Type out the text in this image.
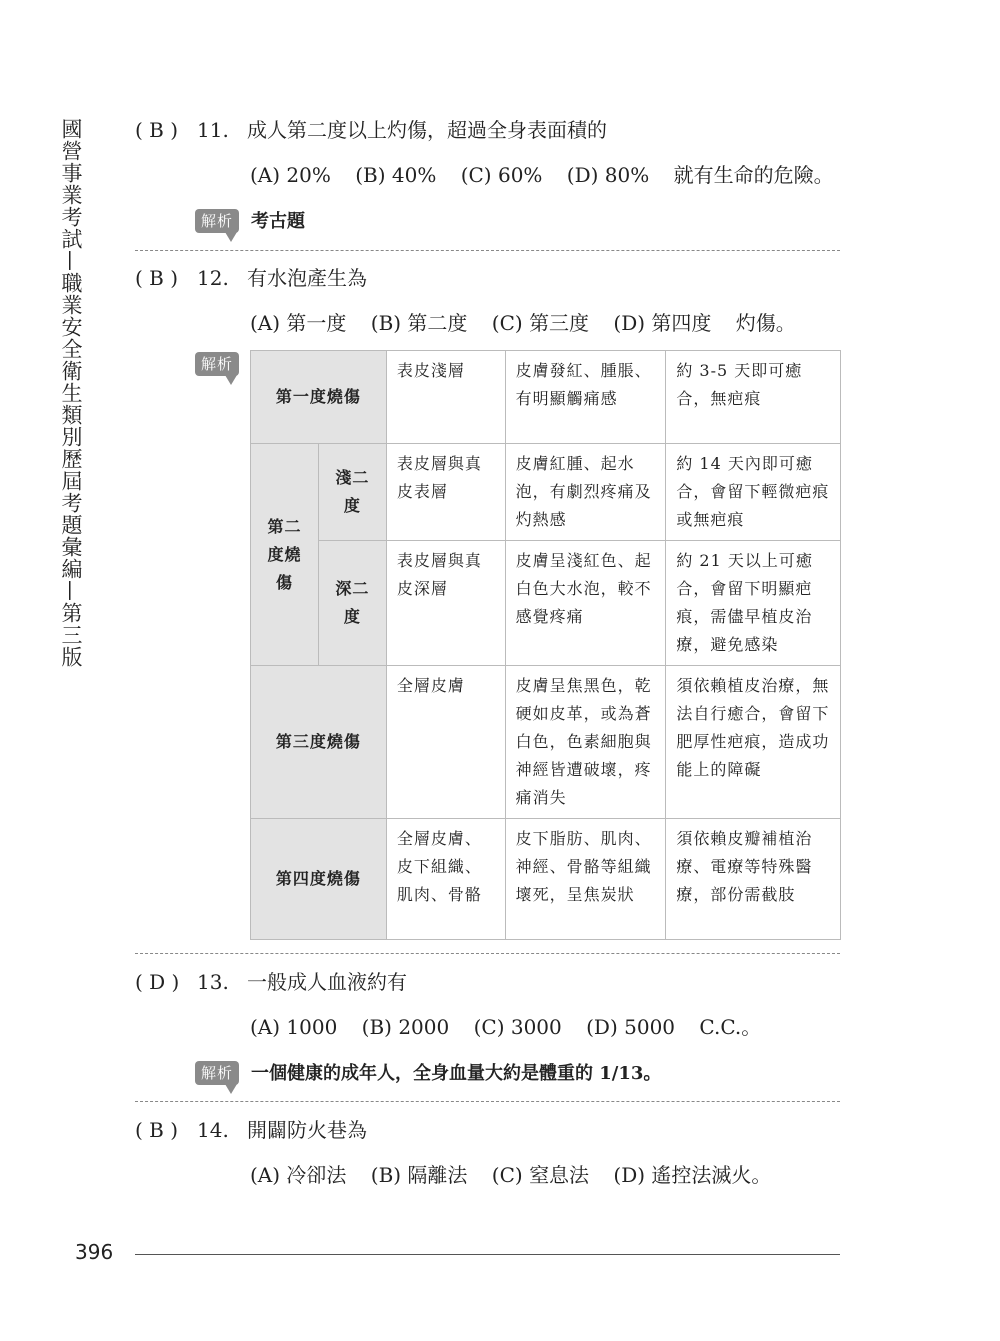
國營事業考試—職業安全衛生類別歷屆考題彙編—第三版	( B ) 11. 成人第二度以上灼傷，超過全身表面積的
(A) 20% (B) 40% (C) 60% (D) 80% 就有生命的危險。
解析	考古題
( B ) 12. 有水泡產生為
(A) 第一度 (B) 第二度 (C) 第三度 (D) 第四度 灼傷。
解析
第一度燒傷		表皮淺層	皮膚發紅、腫脹、有明顯觸痛感	約 3-5 天即可癒合，無疤痕
第二度燒傷	淺二度	表皮層與真皮表層	皮膚紅腫、起水泡，有劇烈疼痛及灼熱感	約 14 天內即可癒合，會留下輕微疤痕或無疤痕
	深二度	表皮層與真皮深層	皮膚呈淺紅色、起白色大水泡，較不感覺疼痛	約 21 天以上可癒合，會留下明顯疤痕，需儘早植皮治療，避免感染
第三度燒傷		全層皮膚	皮膚呈焦黑色，乾硬如皮革，或為蒼白色，色素細胞與神經皆遭破壞，疼痛消失	須依賴植皮治療，無法自行癒合，會留下肥厚性疤痕，造成功能上的障礙
第四度燒傷		全層皮膚、皮下組織、肌肉、骨骼	皮下脂肪、肌肉、神經、骨骼等組織壞死，呈焦炭狀	須依賴皮瓣補植治療、電療等特殊醫療，部份需截肢
( D ) 13. 一般成人血液約有
(A) 1000 (B) 2000 (C) 3000 (D) 5000 C.C.。
解析	一個健康的成年人，全身血量大約是體重的 1/13。
( B ) 14. 開闢防火巷為
(A) 冷卻法 (B) 隔離法 (C) 窒息法 (D) 遙控法滅火。
396
